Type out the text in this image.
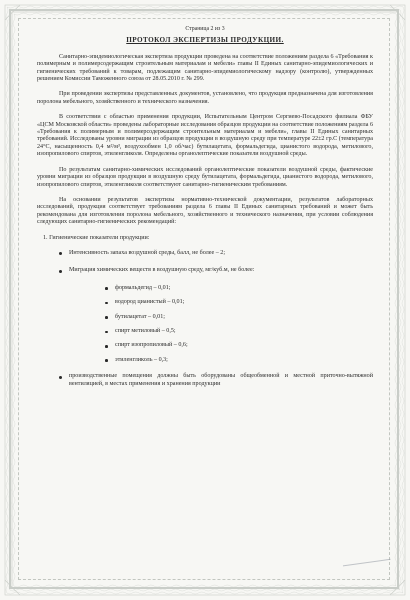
Страница 2 из 3
ПРОТОКОЛ ЭКСПЕРТИЗЫ ПРОДУКЦИИ.

Санитарно-эпидемиологическая экспертиза продукции проведена на соответствие положениям раздела 6 «Требования к полимерным и полимерсодержащим строительным материалам и мебели» главы II Единых санитарно-эпидемиологических и гигиенических требований к товарам, подлежащим санитарно-эпидемиологическому надзору (контролю), утвержденных решением Комиссии Таможенного союза от 28.05.2010 г. № 299.

При проведении экспертизы представленных документов, установлено, что продукция предназначена для изготовления поролона мебельного, хозяйственного и технического назначения.

В соответствии с областью применения продукции, Испытательным Центром Сергиево-Посадского филиала ФБУ «ЦСМ Московской области» проведены лабораторные исследования образцов продукции на соответствие положениям раздела 6 «Требования к полимерным и полимерсодержащим строительным материалам и мебели», главы II Единых санитарных требований. Исследованы уровни миграции из образцов продукции в воздушную среду при температуре 22±2 гр.С (температура 24°С, насыщенность 0,4 м²/м³, воздухообмен 1,0 об/час) бутилацетата, формальдегида, цианистого водорода, метилового, изопропилового спиртов, этиленгликоля. Определены органолептические показатели воздушной среды.

По результатам санитарно-химических исследований органолептические показатели воздушной среды, фактические уровни миграции из образцов продукции в воздушную среду бутилацетата, формальдегида, цианистого водорода, метилового, изопропилового спиртов, этиленгликоля соответствуют санитарно-гигиеническим требованиям.

На основании результатов экспертизы нормативно-технической документации, результатов лабораторных исследований, продукция соответствует требованиям раздела 6 главы II Единых санитарных требований и может быть рекомендована для изготовления поролона мебельного, хозяйственного и технического назначения, при условии соблюдения следующих санитарно-гигиенических рекомендаций:

1. Гигиенические показатели продукции:
Интенсивность запаха воздушной среды, балл, не более – 2;
Миграция химических веществ в воздушную среду, мг/куб.м, не более:
формальдегид – 0,01;
водород цианистый – 0,01;
бутилацетат – 0,01;
спирт метиловый – 0,5;
спирт изопропиловый – 0,6;
этиленгликоль – 0,3;
производственные помещения должны быть оборудованы общеобменной и местной приточно-вытяжной вентиляцией, в местах применения и хранения продукции
